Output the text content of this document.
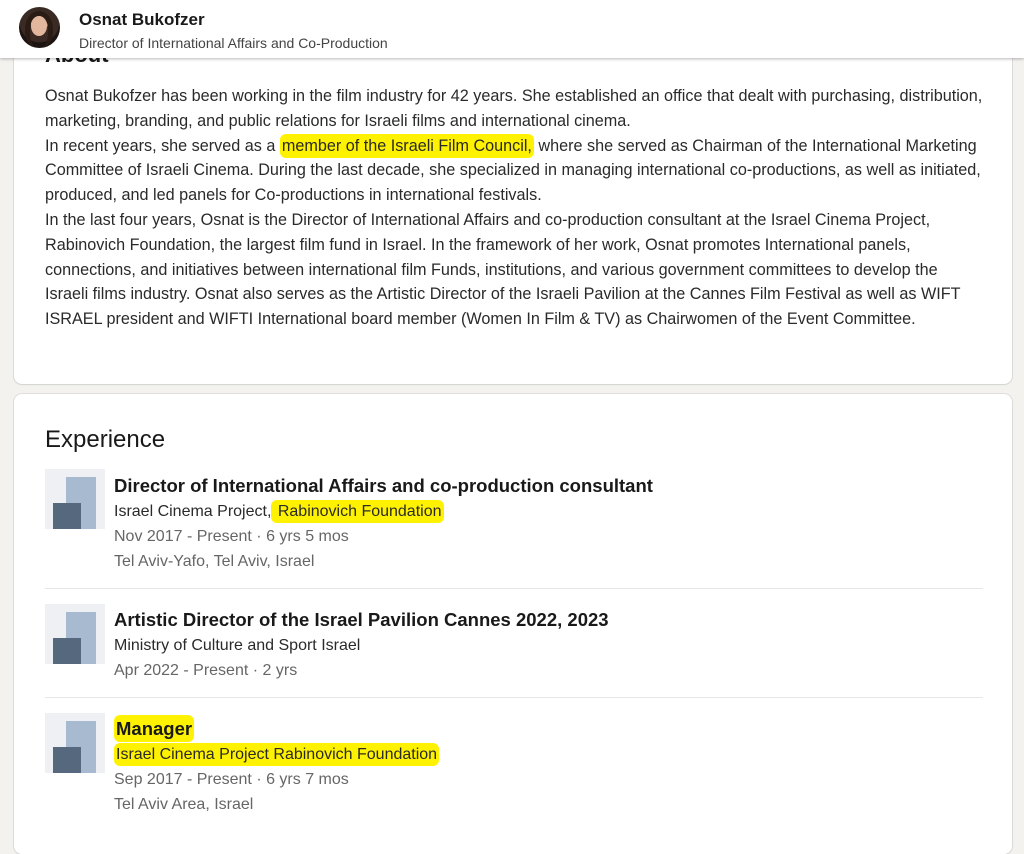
Osnat Bukofzer
Director of International Affairs and Co-Production

Osnat Bukofzer has been working in the film industry for 42 years. She established an office that dealt with purchasing, distribution, marketing, branding, and public relations for Israeli films and international cinema.

In recent years, she served as a member of the Israeli Film Council, where she served as Chairman of the International Marketing Committee of Israeli Cinema. During the last decade, she specialized in managing international co-productions, as well as initiated, produced, and led panels for Co-productions in international festivals.

In the last four years, Osnat is the Director of International Affairs and co-production consultant at the Israel Cinema Project, Rabinovich Foundation, the largest film fund in Israel. In the framework of her work, Osnat promotes International panels, connections, and initiatives between international film Funds, institutions, and various government committees to develop the Israeli films industry. Osnat also serves as the Artistic Director of the Israeli Pavilion at the Cannes Film Festival as well as WIFT ISRAEL president and WIFTI International board member (Women In Film & TV) as Chairwomen of the Event Committee.

Experience
Director of International Affairs and co-production consultant
Israel Cinema Project, Rabinovich Foundation
Nov 2017 - Present · 6 yrs 5 mos
Tel Aviv-Yafo, Tel Aviv, Israel
Artistic Director of the Israel Pavilion Cannes 2022, 2023
Ministry of Culture and Sport Israel
Apr 2022 - Present · 2 yrs
Manager
Israel Cinema Project Rabinovich Foundation
Sep 2017 - Present · 6 yrs 7 mos
Tel Aviv Area, Israel
